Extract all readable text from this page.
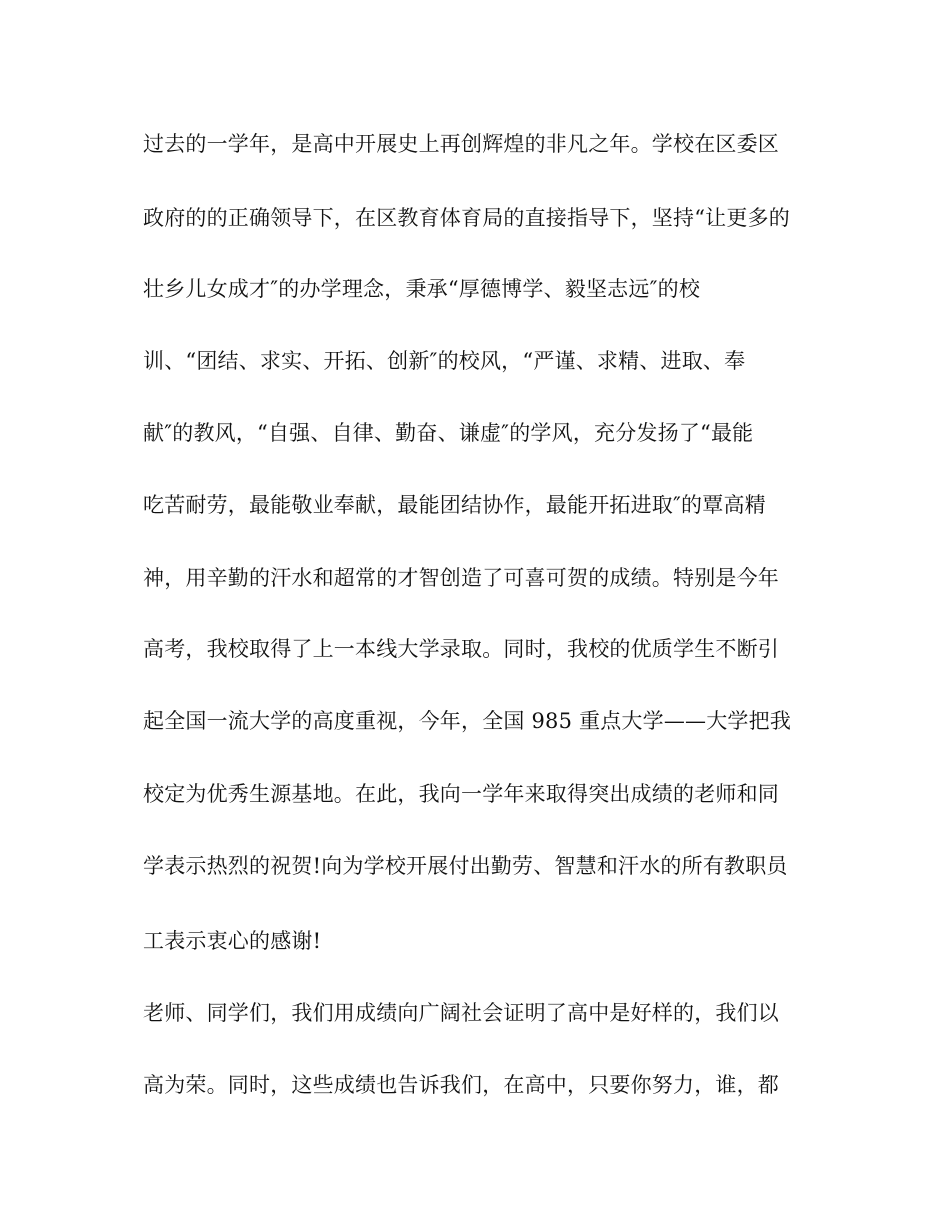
过去的一学年，是高中开展史上再创辉煌的非凡之年。学校在区委区
政府的的正确领导下，在区教育体育局的直接指导下，坚持“让更多的
壮乡儿女成才″的办学理念，秉承“厚德博学、毅坚志远″的校
训、“团结、求实、开拓、创新″的校风，“严谨、求精、进取、奉
献″的教风，“自强、自律、勤奋、谦虚″的学风，充分发扬了“最能
吃苦耐劳，最能敬业奉献，最能团结协作，最能开拓进取″的覃高精
神，用辛勤的汗水和超常的才智创造了可喜可贺的成绩。特别是今年
高考，我校取得了上一本线大学录取。同时，我校的优质学生不断引
起全国一流大学的高度重视，今年，全国 985 重点大学——大学把我
校定为优秀生源基地。在此，我向一学年来取得突出成绩的老师和同
学表示热烈的祝贺!向为学校开展付出勤劳、智慧和汗水的所有教职员
工表示衷心的感谢!
老师、同学们，我们用成绩向广阔社会证明了高中是好样的，我们以
高为荣。同时，这些成绩也告诉我们，在高中，只要你努力，谁，都
